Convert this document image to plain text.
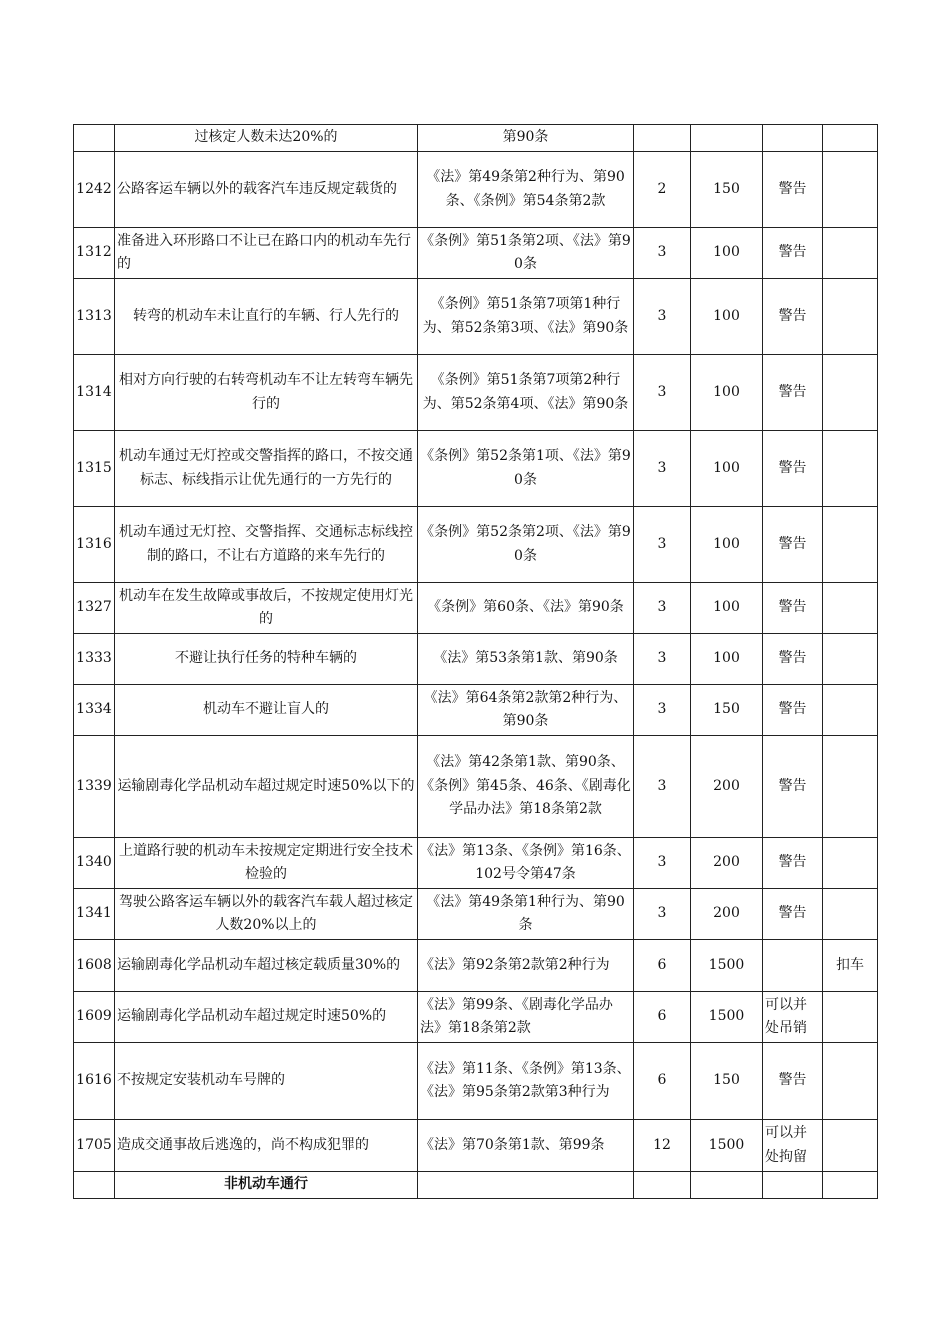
	过核定人数未达20%的	第90条				
1242	公路客运车辆以外的载客汽车违反规定载货的	《法》第49条第2种行为、第90条、《条例》第54条第2款	2	150	警告	
1312	准备进入环形路口不让已在路口内的机动车先行的	《条例》第51条第2项、《法》第90条	3	100	警告	
1313	转弯的机动车未让直行的车辆、行人先行的	《条例》第51条第7项第1种行为、第52条第3项、《法》第90条	3	100	警告	
1314	相对方向行驶的右转弯机动车不让左转弯车辆先行的	《条例》第51条第7项第2种行为、第52条第4项、《法》第90条	3	100	警告	
1315	机动车通过无灯控或交警指挥的路口，不按交通标志、标线指示让优先通行的一方先行的	《条例》第52条第1项、《法》第90条	3	100	警告	
1316	机动车通过无灯控、交警指挥、交通标志标线控制的路口，不让右方道路的来车先行的	《条例》第52条第2项、《法》第90条	3	100	警告	
1327	机动车在发生故障或事故后，不按规定使用灯光的	《条例》第60条、《法》第90条	3	100	警告	
1333	不避让执行任务的特种车辆的	《法》第53条第1款、第90条	3	100	警告	
1334	机动车不避让盲人的	《法》第64条第2款第2种行为、第90条	3	150	警告	
1339	运输剧毒化学品机动车超过规定时速50%以下的	《法》第42条第1款、第90条、《条例》第45条、46条、《剧毒化学品办法》第18条第2款	3	200	警告	
1340	上道路行驶的机动车未按规定定期进行安全技术检验的	《法》第13条、《条例》第16条、102号令第47条	3	200	警告	
1341	驾驶公路客运车辆以外的载客汽车载人超过核定人数20%以上的	《法》第49条第1种行为、第90条	3	200	警告	
1608	运输剧毒化学品机动车超过核定载质量30%的	《法》第92条第2款第2种行为	6	1500		扣车
1609	运输剧毒化学品机动车超过规定时速50%的	《法》第99条、《剧毒化学品办法》第18条第2款	6	1500	可以并处吊销	
1616	不按规定安装机动车号牌的	《法》第11条、《条例》第13条、《法》第95条第2款第3种行为	6	150	警告	
1705	造成交通事故后逃逸的，尚不构成犯罪的	《法》第70条第1款、第99条	12	1500	可以并处拘留	
	非机动车通行					
